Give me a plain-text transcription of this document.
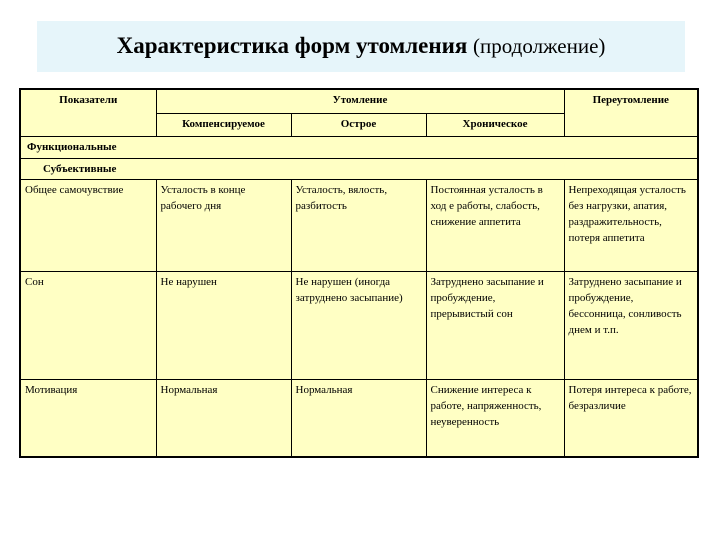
Характеристика форм утомления (продолжение)
Показатели	Утомление			Переутомление
	Компенсируемое	Острое	Хроническое	
Функциональные				
Субъективные				
Общее самочувствие	Усталость в конце рабочего дня	Усталость, вялость, разбитость	Постоянная усталость в ход е работы, слабость, снижение аппетита	Непреходящая усталость без нагрузки, апатия, раздражительность, потеря аппетита
Сон	Не нарушен	Не нарушен (иногда затруднено засыпание)	Затруднено засыпание и пробуждение, прерывистый сон	Затруднено засыпание и пробуждение, бессонница, сонливость днем и т.п.
Мотивация	Нормальная	Нормальная	Снижение интереса к работе, напряженность, неуверенность	Потеря интереса к работе, безразличие
